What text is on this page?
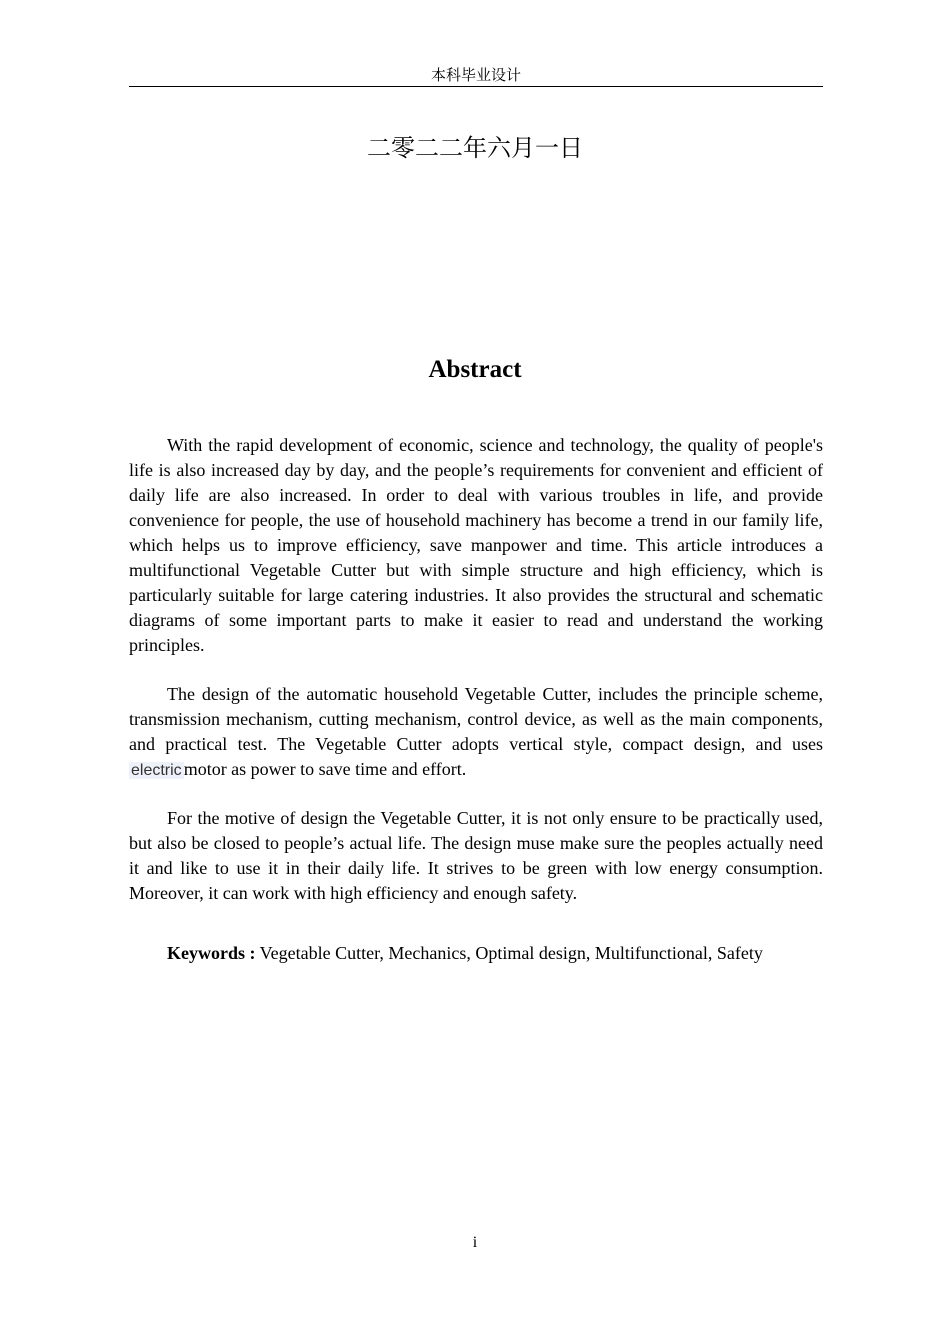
本科毕业设计
二零二二年六月一日
Abstract

With the rapid development of economic, science and technology, the quality of people's life is also increased day by day, and the people’s requirements for convenient and efficient of daily life are also increased. In order to deal with various troubles in life, and provide convenience for people, the use of household machinery has become a trend in our family life, which helps us to improve efficiency, save manpower and time. This article introduces a multifunctional Vegetable Cutter but with simple structure and high efficiency, which is particularly suitable for large catering industries. It also provides the structural and schematic diagrams of some important parts to make it easier to read and understand the working principles.

The design of the automatic household Vegetable Cutter, includes the principle scheme, transmission mechanism, cutting mechanism, control device, as well as the main components, and practical test. The Vegetable Cutter adopts vertical style, compact design, and uses electric motor as power to save time and effort.

For the motive of design the Vegetable Cutter, it is not only ensure to be practically used, but also be closed to people’s actual life. The design muse make sure the peoples actually need it and like to use it in their daily life. It strives to be green with low energy consumption. Moreover, it can work with high efficiency and enough safety.

Keywords : Vegetable Cutter, Mechanics, Optimal design, Multifunctional, Safety
i
